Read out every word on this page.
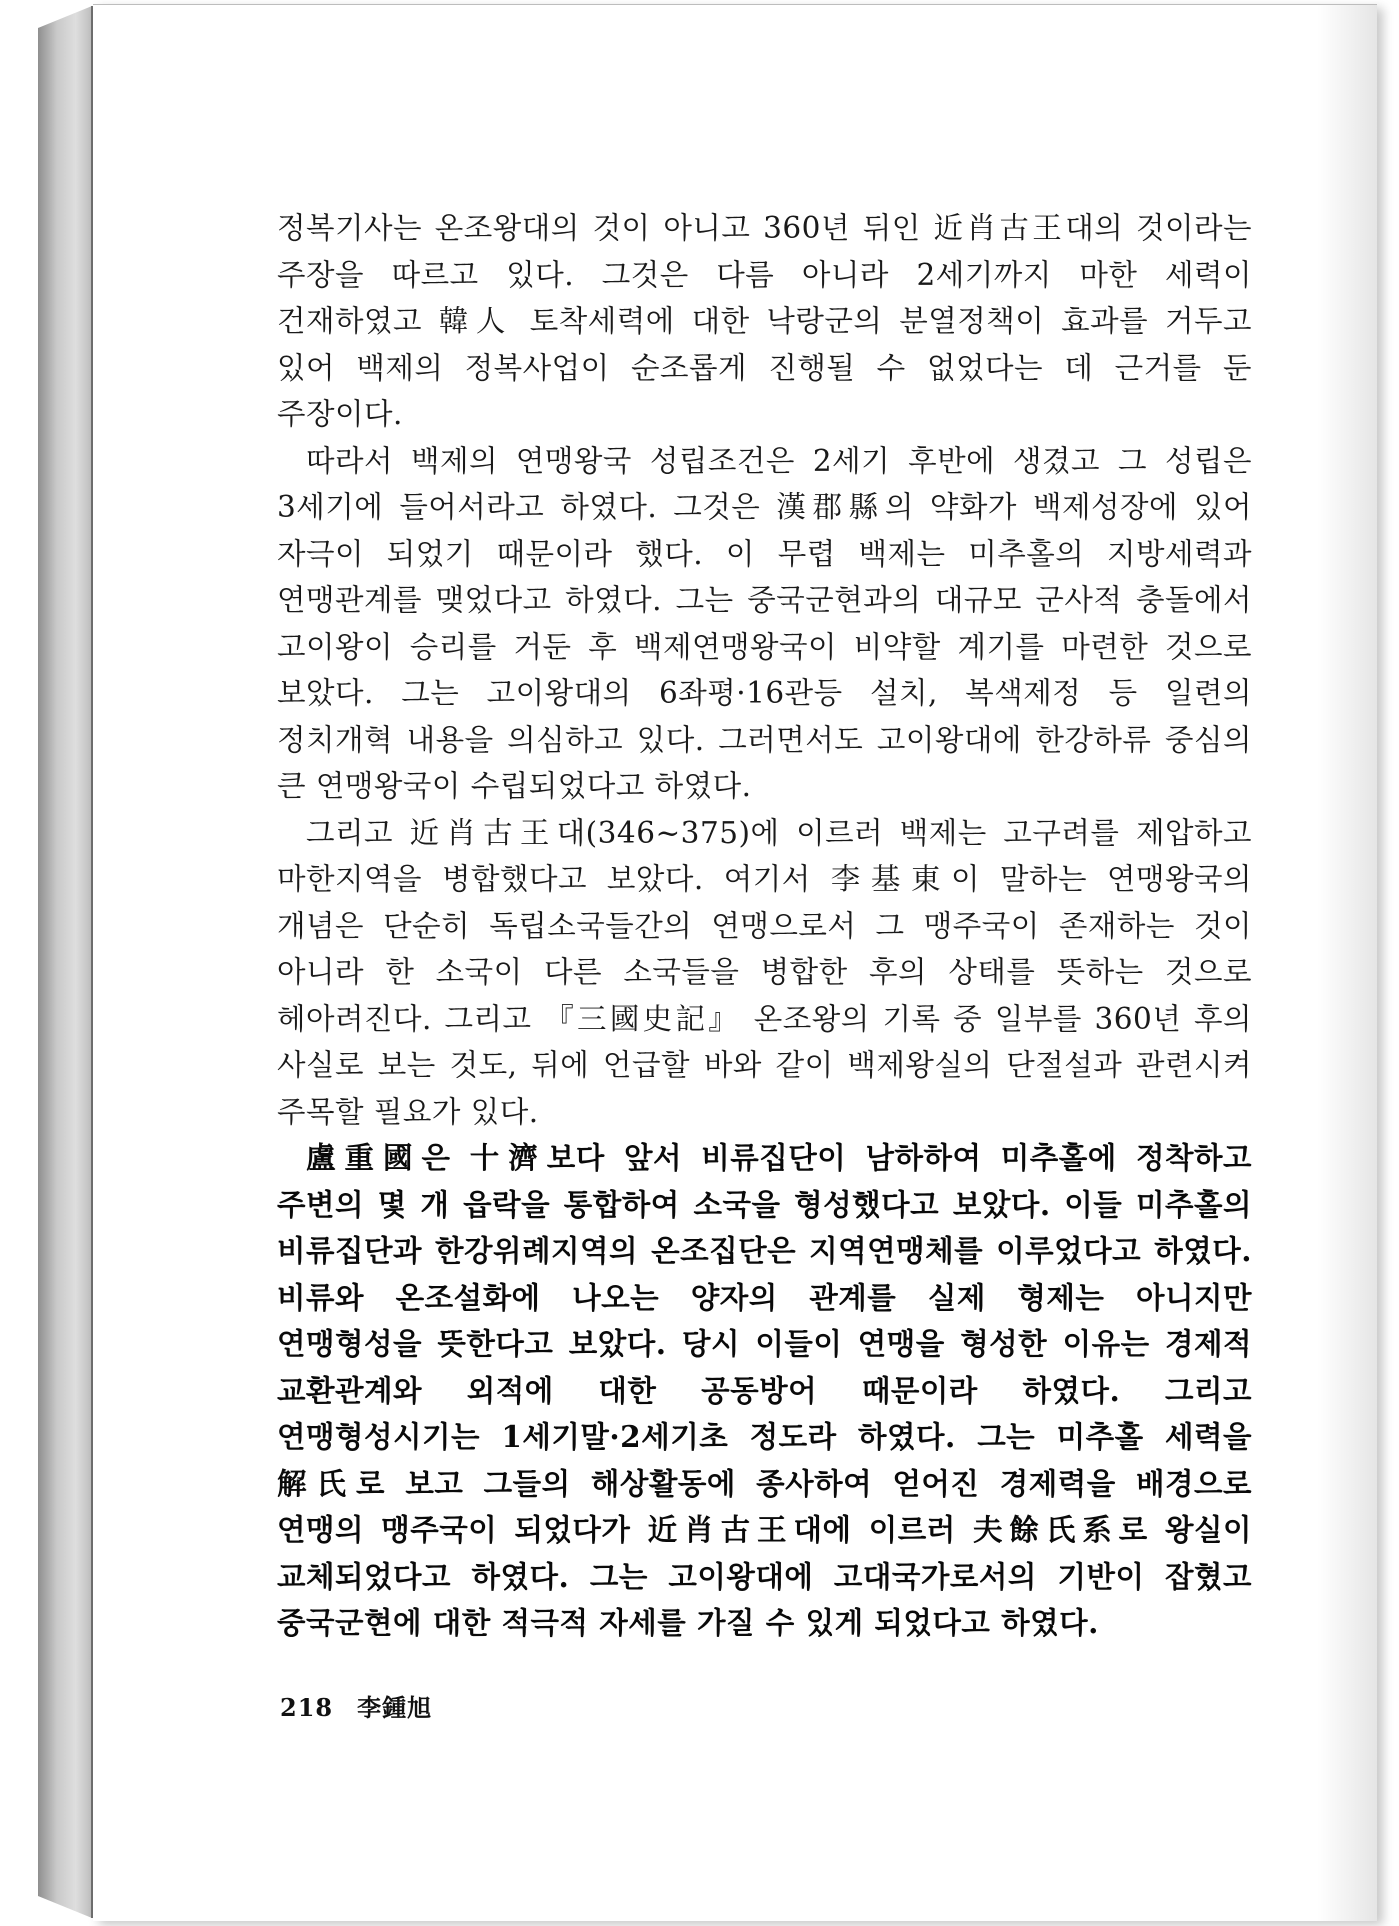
정복기사는 온조왕대의 것이 아니고 360년 뒤인 近肖古王대의 것이라는 주장을 따르고 있다. 그것은 다름 아니라 2세기까지 마한 세력이 건재하였고 韓人 토착세력에 대한 낙랑군의 분열정책이 효과를 거두고 있어 백제의 정복사업이 순조롭게 진행될 수 없었다는 데 근거를 둔 주장이다.

따라서 백제의 연맹왕국 성립조건은 2세기 후반에 생겼고 그 성립은 3세기에 들어서라고 하였다. 그것은 漢郡縣의 약화가 백제성장에 있어 자극이 되었기 때문이라 했다. 이 무렵 백제는 미추홀의 지방세력과 연맹관계를 맺었다고 하였다. 그는 중국군현과의 대규모 군사적 충돌에서 고이왕이 승리를 거둔 후 백제연맹왕국이 비약할 계기를 마련한 것으로 보았다. 그는 고이왕대의 6좌평·16관등 설치, 복색제정 등 일련의 정치개혁 내용을 의심하고 있다. 그러면서도 고이왕대에 한강하류 중심의 큰 연맹왕국이 수립되었다고 하였다.

그리고 近肖古王대(346~375)에 이르러 백제는 고구려를 제압하고 마한지역을 병합했다고 보았다. 여기서 李基東이 말하는 연맹왕국의 개념은 단순히 독립소국들간의 연맹으로서 그 맹주국이 존재하는 것이 아니라 한 소국이 다른 소국들을 병합한 후의 상태를 뜻하는 것으로 헤아려진다. 그리고 『三國史記』 온조왕의 기록 중 일부를 360년 후의 사실로 보는 것도, 뒤에 언급할 바와 같이 백제왕실의 단절설과 관련시켜 주목할 필요가 있다.

盧重國은 十濟보다 앞서 비류집단이 남하하여 미추홀에 정착하고 주변의 몇 개 읍락을 통합하여 소국을 형성했다고 보았다. 이들 미추홀의 비류집단과 한강위례지역의 온조집단은 지역연맹체를 이루었다고 하였다. 비류와 온조설화에 나오는 양자의 관계를 실제 형제는 아니지만 연맹형성을 뜻한다고 보았다. 당시 이들이 연맹을 형성한 이유는 경제적 교환관계와 외적에 대한 공동방어 때문이라 하였다. 그리고 연맹형성시기는 1세기말·2세기초 정도라 하였다. 그는 미추홀 세력을 解氏로 보고 그들의 해상활동에 종사하여 얻어진 경제력을 배경으로 연맹의 맹주국이 되었다가 近肖古王대에 이르러 夫餘氏系로 왕실이 교체되었다고 하였다. 그는 고이왕대에 고대국가로서의 기반이 잡혔고 중국군현에 대한 적극적 자세를 가질 수 있게 되었다고 하였다.

218 李鍾旭
